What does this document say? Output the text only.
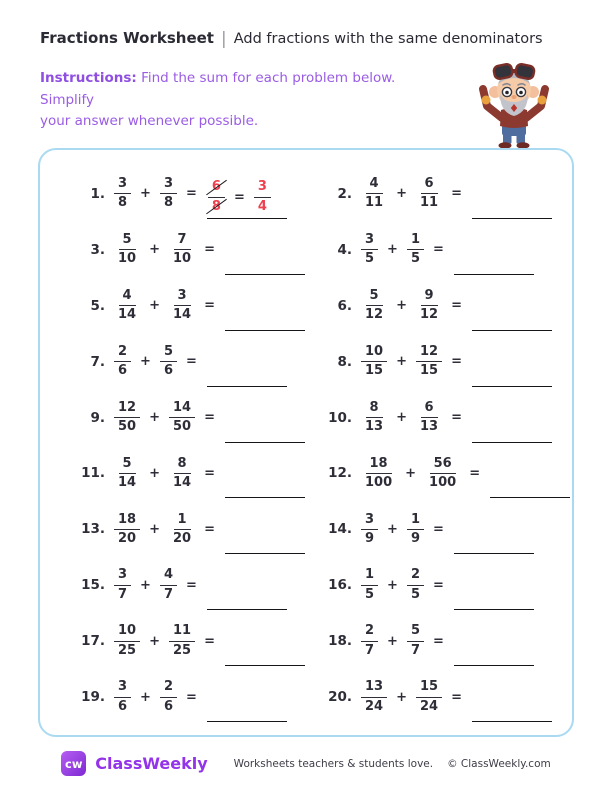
Fractions Worksheet | Add fractions with the same denominators
Instructions: Find the sum for each problem below. Simplify
your answer whenever possible.
1. $\frac{3}{8} + \frac{3}{8} = \frac{6}{8} = \frac{3}{4}$	2. $\frac{4}{11} + \frac{6}{11}$ =
3. $\frac{5}{10} + \frac{7}{10}$ =	4. $\frac{3}{5} + \frac{1}{5}$ =
5. $\frac{4}{14} + \frac{3}{14}$ =	6. $\frac{5}{12} + \frac{9}{12}$ =
7. $\frac{2}{6} + \frac{5}{6}$ =	8. $\frac{10}{15} + \frac{12}{15}$ =
9. $\frac{12}{50} + \frac{14}{50}$ =	10. $\frac{8}{13} + \frac{6}{13}$ =
11. $\frac{5}{14} + \frac{8}{14}$ =	12. $\frac{18}{100} + \frac{56}{100}$ =
13. $\frac{18}{20} + \frac{1}{20}$ =	14. $\frac{3}{9} + \frac{1}{9}$ =
15. $\frac{3}{7} + \frac{4}{7}$ =	16. $\frac{1}{5} + \frac{2}{5}$ =
17. $\frac{10}{25} + \frac{11}{25}$ =	18. $\frac{2}{7} + \frac{5}{7}$ =
19. $\frac{3}{6} + \frac{2}{6}$ =	20. $\frac{13}{24} + \frac{15}{24}$ =
cw ClassWeekly Worksheets teachers & students love. © ClassWeekly.com
